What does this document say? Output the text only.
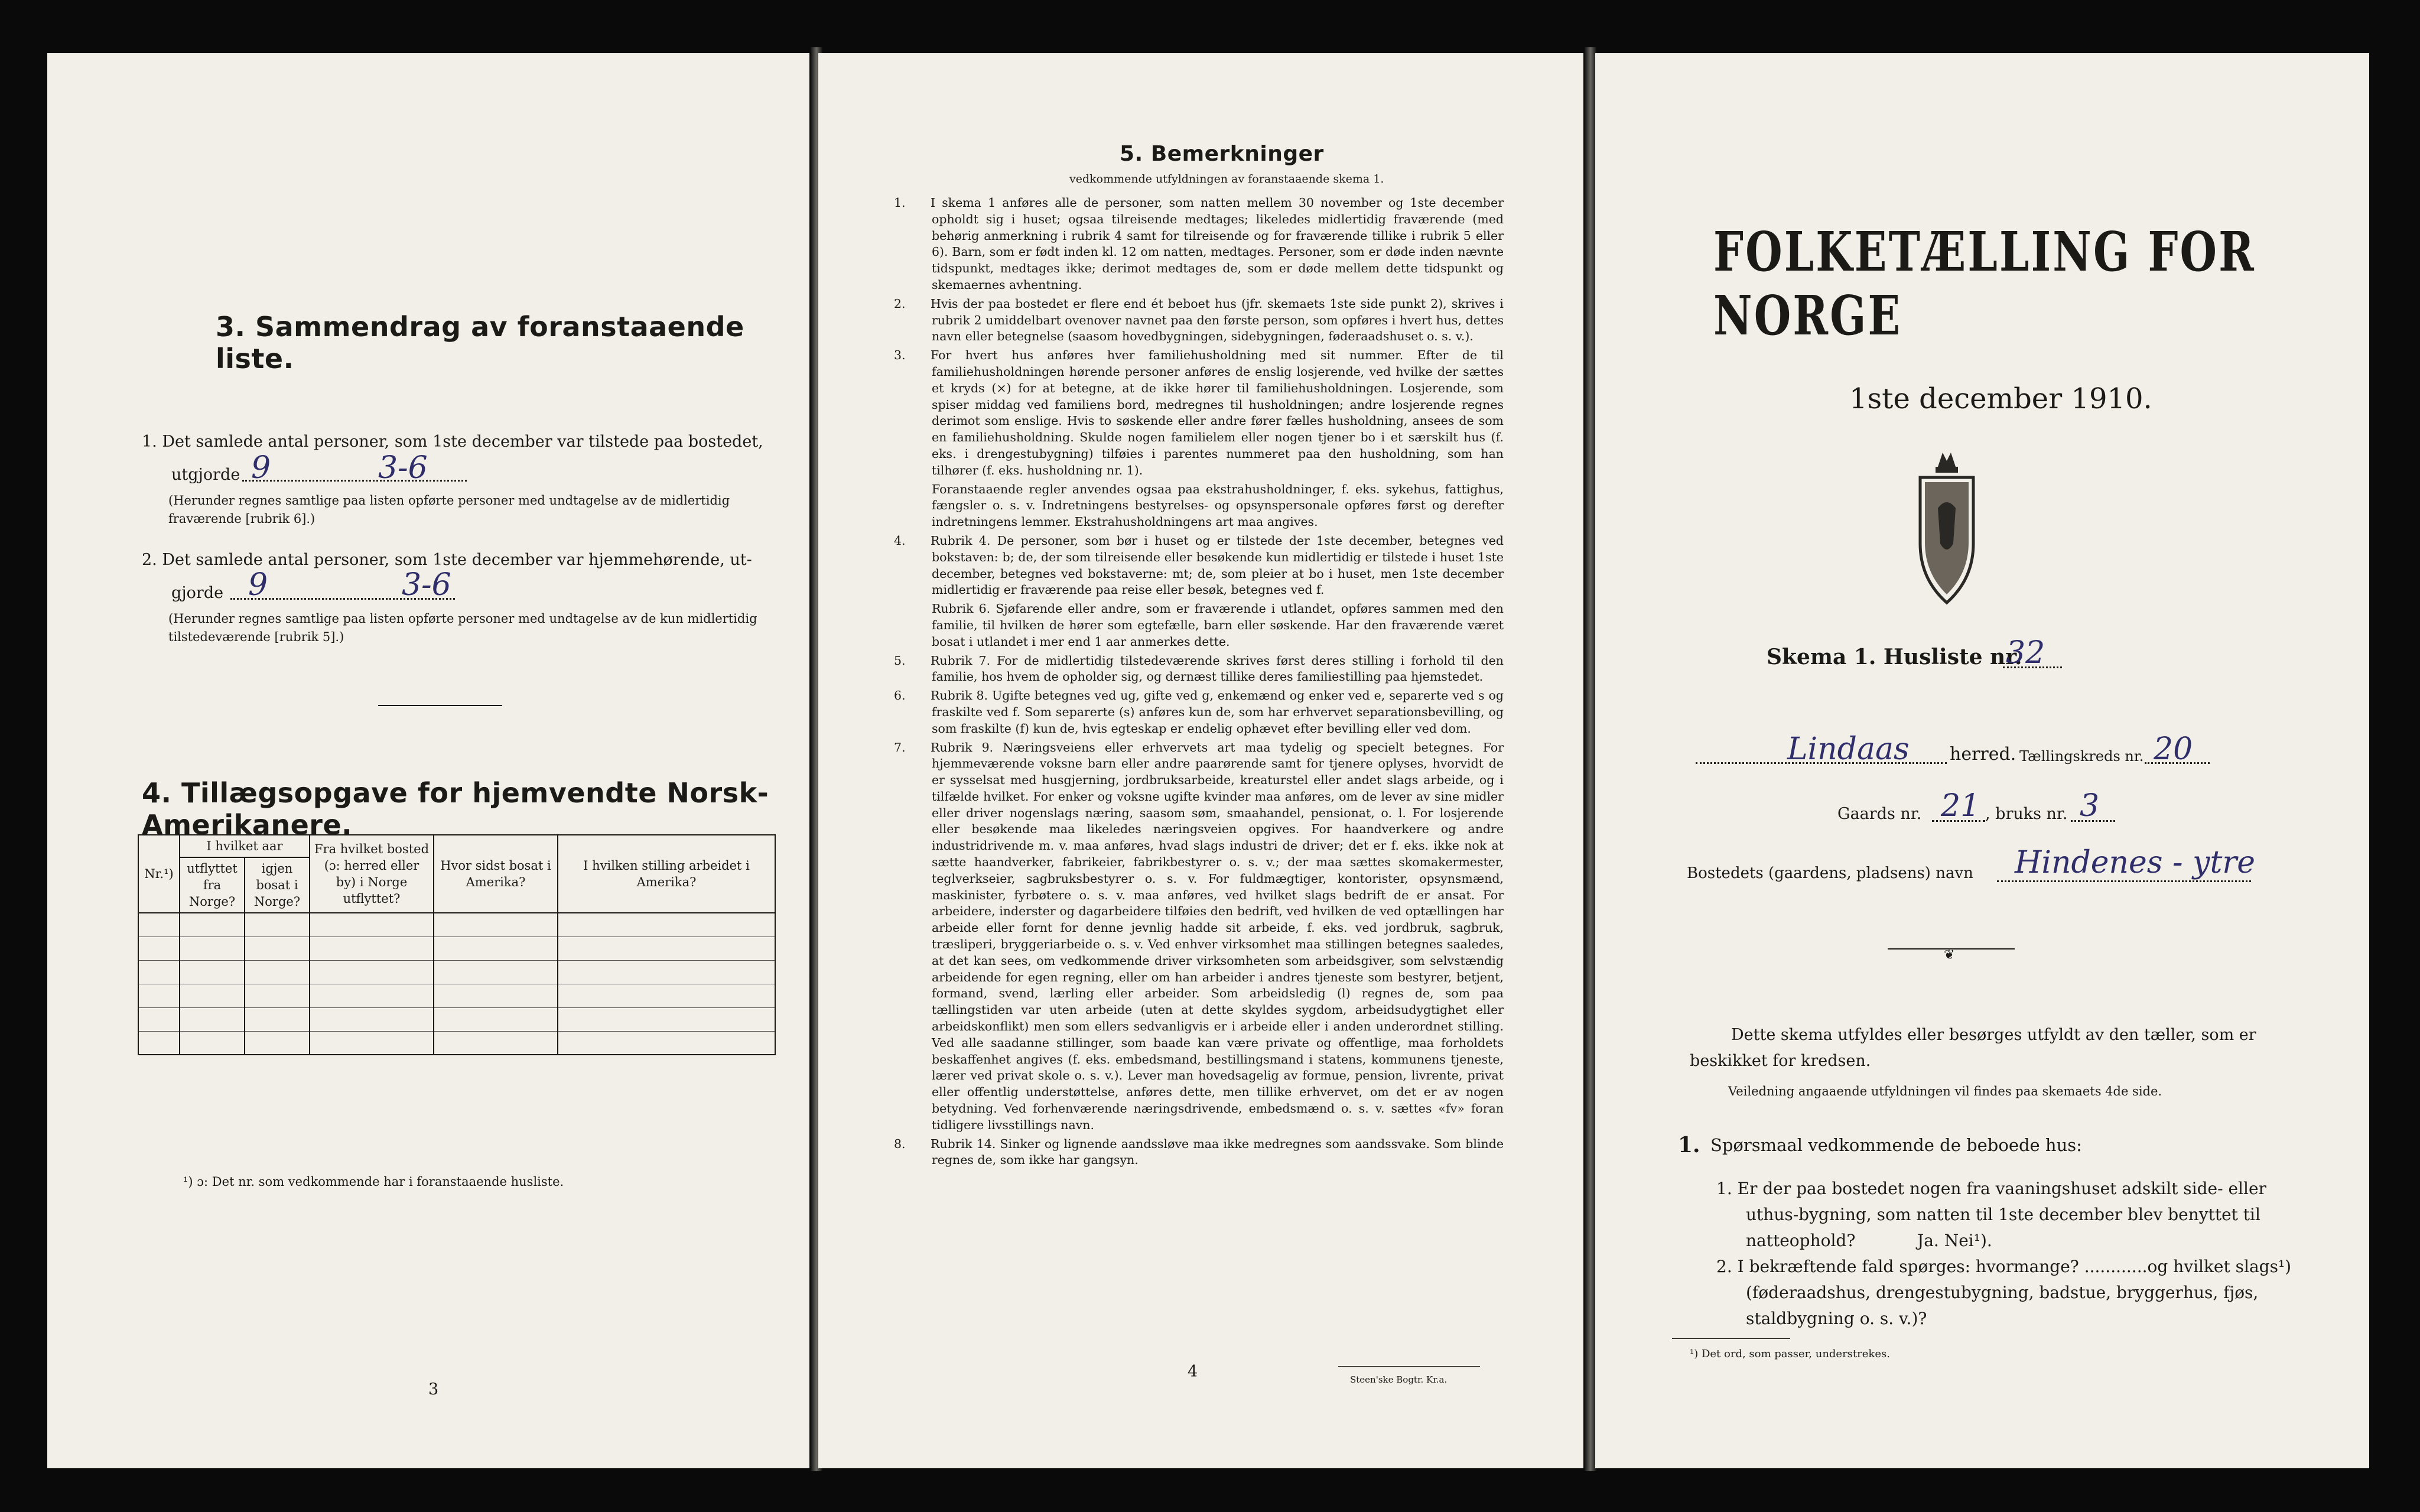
3. Sammendrag av foranstaaende liste.
1. Det samlede antal personer, som 1ste december var tilstede paa bostedet,
utgjorde 9	3-6
(Herunder regnes samtlige paa listen opførte personer med undtagelse av de midlertidig fraværende [rubrik 6].)
2. Det samlede antal personer, som 1ste december var hjemmehørende, ut-
gjorde 9	3-6
(Herunder regnes samtlige paa listen opførte personer med undtagelse av de kun midlertidig tilstedeværende [rubrik 5].)
4. Tillægsopgave for hjemvendte Norsk-Amerikanere.
Nr.¹)	I hvilket aar		Fra hvilket bosted (ɔ: herred eller by) i Norge utflyttet?	Hvor sidst bosat i Amerika?	I hvilken stilling arbeidet i Amerika?
	utflyttet fra Norge?	igjen bosat i Norge?			

¹) ɔ: Det nr. som vedkommende har i foranstaaende husliste.
3
5. Bemerkninger
vedkommende utfyldningen av foranstaaende skema 1.
1. I skema 1 anføres alle de personer, som natten mellem 30 november og 1ste december opholdt sig i huset; ogsaa tilreisende medtages; likeledes midlertidig fraværende (med behørig anmerkning i rubrik 4 samt for tilreisende og for fraværende tillike i rubrik 5 eller 6). Barn, som er født inden kl. 12 om natten, medtages. Personer, som er døde inden nævnte tidspunkt, medtages ikke; derimot medtages de, som er døde mellem dette tidspunkt og skemaernes avhentning.
2. Hvis der paa bostedet er flere end ét beboet hus (jfr. skemaets 1ste side punkt 2), skrives i rubrik 2 umiddelbart ovenover navnet paa den første person, som opføres i hvert hus, dettes navn eller betegnelse (saasom hovedbygningen, sidebygningen, føderaadshuset o. s. v.).
3. For hvert hus anføres hver familiehusholdning med sit nummer. Efter de til familiehusholdningen hørende personer anføres de enslig losjerende, ved hvilke der sættes et kryds (×) for at betegne, at de ikke hører til familiehusholdningen. Losjerende, som spiser middag ved familiens bord, medregnes til husholdningen; andre losjerende regnes derimot som enslige. Hvis to søskende eller andre fører fælles husholdning, ansees de som en familiehusholdning. Skulde nogen familielem eller nogen tjener bo i et særskilt hus (f. eks. i drengestubygning) tilføies i parentes nummeret paa den husholdning, som han tilhører (f. eks. husholdning nr. 1).
Foranstaaende regler anvendes ogsaa paa ekstrahusholdninger, f. eks. sykehus, fattighus, fængsler o. s. v. Indretningens bestyrelses- og opsynspersonale opføres først og derefter indretningens lemmer. Ekstrahusholdningens art maa angives.
4. Rubrik 4. De personer, som bør i huset og er tilstede der 1ste december, betegnes ved bokstaven: b; de, der som tilreisende eller besøkende kun midlertidig er tilstede i huset 1ste december, betegnes ved bokstaverne: mt; de, som pleier at bo i huset, men 1ste december midlertidig er fraværende paa reise eller besøk, betegnes ved f.
Rubrik 6. Sjøfarende eller andre, som er fraværende i utlandet, opføres sammen med den familie, til hvilken de hører som egtefælle, barn eller søskende. Har den fraværende været bosat i utlandet i mer end 1 aar anmerkes dette.
5. Rubrik 7. For de midlertidig tilstedeværende skrives først deres stilling i forhold til den familie, hos hvem de opholder sig, og dernæst tillike deres familiestilling paa hjemstedet.
6. Rubrik 8. Ugifte betegnes ved ug, gifte ved g, enkemænd og enker ved e, separerte ved s og fraskilte ved f. Som separerte (s) anføres kun de, som har erhvervet separationsbevilling, og som fraskilte (f) kun de, hvis egteskap er endelig ophævet efter bevilling eller ved dom.
7. Rubrik 9. Næringsveiens eller erhvervets art maa tydelig og specielt betegnes. For hjemmeværende voksne barn eller andre paarørende samt for tjenere oplyses, hvorvidt de er sysselsat med husgjerning, jordbruksarbeide, kreaturstel eller andet slags arbeide, og i tilfælde hvilket. For enker og voksne ugifte kvinder maa anføres, om de lever av sine midler eller driver nogenslags næring, saasom søm, smaahandel, pensionat, o. l. For losjerende eller besøkende maa likeledes næringsveien opgives. For haandverkere og andre industridrivende m. v. maa anføres, hvad slags industri de driver; det er f. eks. ikke nok at sætte haandverker, fabrikeier, fabrikbestyrer o. s. v.; der maa sættes skomakermester, teglverkseier, sagbruksbestyrer o. s. v. For fuldmægtiger, kontorister, opsynsmænd, maskinister, fyrbøtere o. s. v. maa anføres, ved hvilket slags bedrift de er ansat. For arbeidere, inderster og dagarbeidere tilføies den bedrift, ved hvilken de ved optællingen har arbeide eller fornt for denne jevnlig hadde sit arbeide, f. eks. ved jordbruk, sagbruk, træsliperi, bryggeriarbeide o. s. v. Ved enhver virksomhet maa stillingen betegnes saaledes, at det kan sees, om vedkommende driver virksomheten som arbeidsgiver, som selvstændig arbeidende for egen regning, eller om han arbeider i andres tjeneste som bestyrer, betjent, formand, svend, lærling eller arbeider. Som arbeidsledig (l) regnes de, som paa tællingstiden var uten arbeide (uten at dette skyldes sygdom, arbeidsudygtighet eller arbeidskonflikt) men som ellers sedvanligvis er i arbeide eller i anden underordnet stilling. Ved alle saadanne stillinger, som baade kan være private og offentlige, maa forholdets beskaffenhet angives (f. eks. embedsmand, bestillingsmand i statens, kommunens tjeneste, lærer ved privat skole o. s. v.). Lever man hovedsagelig av formue, pension, livrente, privat eller offentlig understøttelse, anføres dette, men tillike erhvervet, om det er av nogen betydning. Ved forhenværende næringsdrivende, embedsmænd o. s. v. sættes «fv» foran tidligere livsstillings navn.
8. Rubrik 14. Sinker og lignende aandssløve maa ikke medregnes som aandssvake. Som blinde regnes de, som ikke har gangsyn.
4	Steen'ske Bogtr. Kr.a.
FOLKETÆLLING FOR NORGE
1ste december 1910.
Skema 1. Husliste nr.
32
Lindaas herred. Tællingskreds nr. 20
Gaards nr. 21 , bruks nr. 3
Bostedets (gaardens, pladsens) navn Hindenes - ytre
❦
Dette skema utfyldes eller besørges utfyldt av den tæller, som er beskikket for kredsen.
Veiledning angaaende utfyldningen vil findes paa skemaets 4de side.
1. Spørsmaal vedkommende de beboede hus:
1. Er der paa bostedet nogen fra vaaningshuset adskilt side- eller uthus-bygning, som natten til 1ste december blev benyttet til natteophold?	Ja. Nei¹).
2. I bekræftende fald spørges: hvormange? ............og hvilket slags¹) (føderaadshus, drengestubygning, badstue, bryggerhus, fjøs, staldbygning o. s. v.)?
¹) Det ord, som passer, understrekes.
